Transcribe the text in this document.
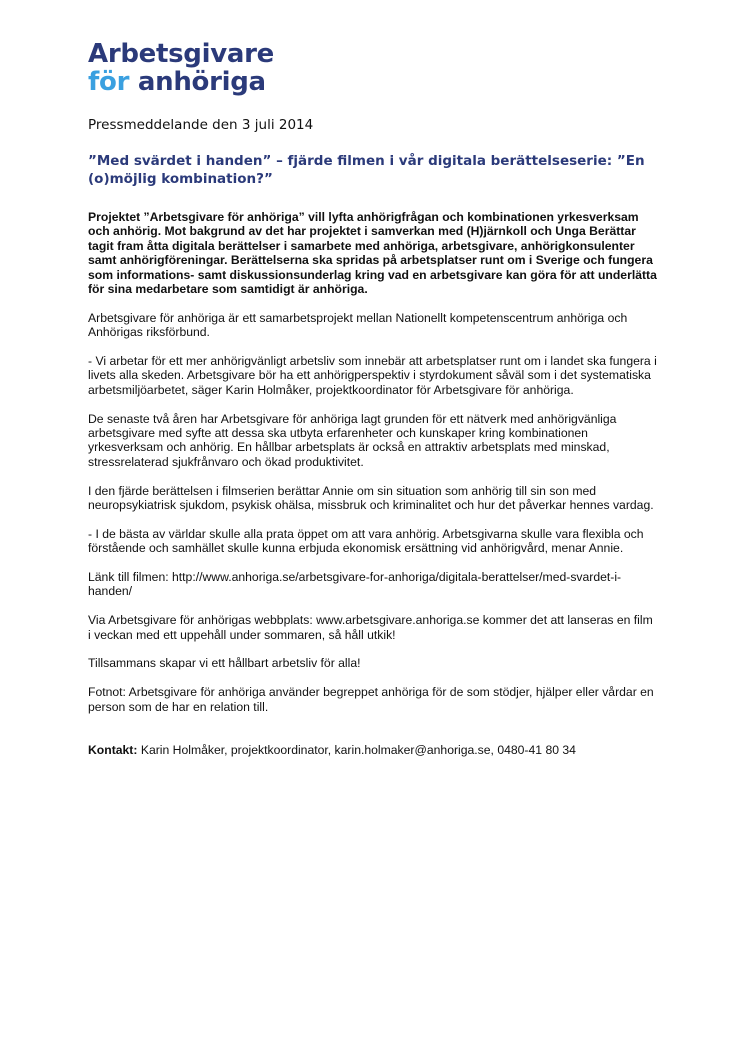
Arbetsgivare
för anhöriga
Pressmeddelande den 3 juli 2014
”Med svärdet i handen” – fjärde filmen i vår digitala berättelseserie: ”En (o)möjlig kombination?”

Projektet ”Arbetsgivare för anhöriga” vill lyfta anhörigfrågan och kombinationen yrkesverksam och anhörig. Mot bakgrund av det har projektet i samverkan med (H)järnkoll och Unga Berättar tagit fram åtta digitala berättelser i samarbete med anhöriga, arbetsgivare, anhörigkonsulenter samt anhörigföreningar. Berättelserna ska spridas på arbetsplatser runt om i Sverige och fungera som informations- samt diskussionsunderlag kring vad en arbetsgivare kan göra för att underlätta för sina medarbetare som samtidigt är anhöriga.

Arbetsgivare för anhöriga är ett samarbetsprojekt mellan Nationellt kompetenscentrum anhöriga och Anhörigas riksförbund.

- Vi arbetar för ett mer anhörigvänligt arbetsliv som innebär att arbetsplatser runt om i landet ska fungera i livets alla skeden. Arbetsgivare bör ha ett anhörigperspektiv i styrdokument såväl som i det systematiska arbetsmiljöarbetet, säger Karin Holmåker, projektkoordinator för Arbetsgivare för anhöriga.

De senaste två åren har Arbetsgivare för anhöriga lagt grunden för ett nätverk med anhörigvänliga arbetsgivare med syfte att dessa ska utbyta erfarenheter och kunskaper kring kombinationen yrkesverksam och anhörig. En hållbar arbetsplats är också en attraktiv arbetsplats med minskad, stressrelaterad sjukfrånvaro och ökad produktivitet.

I den fjärde berättelsen i filmserien berättar Annie om sin situation som anhörig till sin son med neuropsykiatrisk sjukdom, psykisk ohälsa, missbruk och kriminalitet och hur det påverkar hennes vardag.

- I de bästa av världar skulle alla prata öppet om att vara anhörig. Arbetsgivarna skulle vara flexibla och förstående och samhället skulle kunna erbjuda ekonomisk ersättning vid anhörigvård, menar Annie.

Länk till filmen: http://www.anhoriga.se/arbetsgivare-for-anhoriga/digitala-berattelser/med-svardet-i-handen/

Via Arbetsgivare för anhörigas webbplats: www.arbetsgivare.anhoriga.se kommer det att lanseras en film i veckan med ett uppehåll under sommaren, så håll utkik!

Tillsammans skapar vi ett hållbart arbetsliv för alla!

Fotnot: Arbetsgivare för anhöriga använder begreppet anhöriga för de som stödjer, hjälper eller vårdar en person som de har en relation till.

Kontakt: Karin Holmåker, projektkoordinator, karin.holmaker@anhoriga.se, 0480-41 80 34
